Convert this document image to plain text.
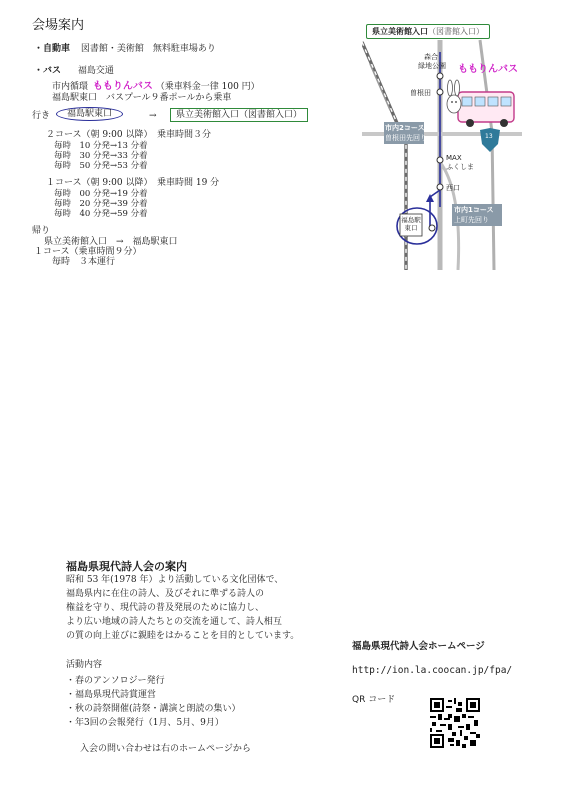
会場案内
・自動車 図書館・美術館　無料駐車場あり
・バス 福島交通
市内循環 ももりんバス （乗車料金一律 100 円）
福島駅東口　バスプール９番ポールから乗車
行き	福島駅東口	→	県立美術館入口（図書館入口）
２コース（朝 9:00 以降）　乗車時間３分
毎時　10 分発→13 分着
毎時　30 分発→33 分着
毎時　50 分発→53 分着
１コース（朝 9:00 以降）　乗車時間 19 分
毎時　00 分発→19 分着
毎時　20 分発→39 分着
毎時　40 分発→59 分着
帰り
県立美術館入口　→　福島駅東口
１コース（乗車時間９分）
毎時　３本運行
県立美術館入口（図書館入口）
ももりんバス
森合
緑地公園
曽根田
市内2コース
曽根田先回り	13
MAX
ふくしま
西口
市内1コース
上町先回り
福島駅
東口
福島県現代詩人会の案内
昭和 53 年(1978 年）より活動している文化団体で、
福島県内に在住の詩人、及びそれに準ずる詩人の
権益を守り、現代詩の普及発展のために協力し、
より広い地域の詩人たちとの交流を通して、詩人相互
の質の向上並びに親睦をはかることを目的としています。
活動内容
・春のアンソロジー発行
・福島県現代詩賞運営
・秋の詩祭開催(詩祭・講演と朗読の集い）
・年3回の会報発行（1月、5月、9月）
入会の問い合わせは右のホームページから
福島県現代詩人会ホームページ
http://ion.la.coocan.jp/fpa/
QR コード
